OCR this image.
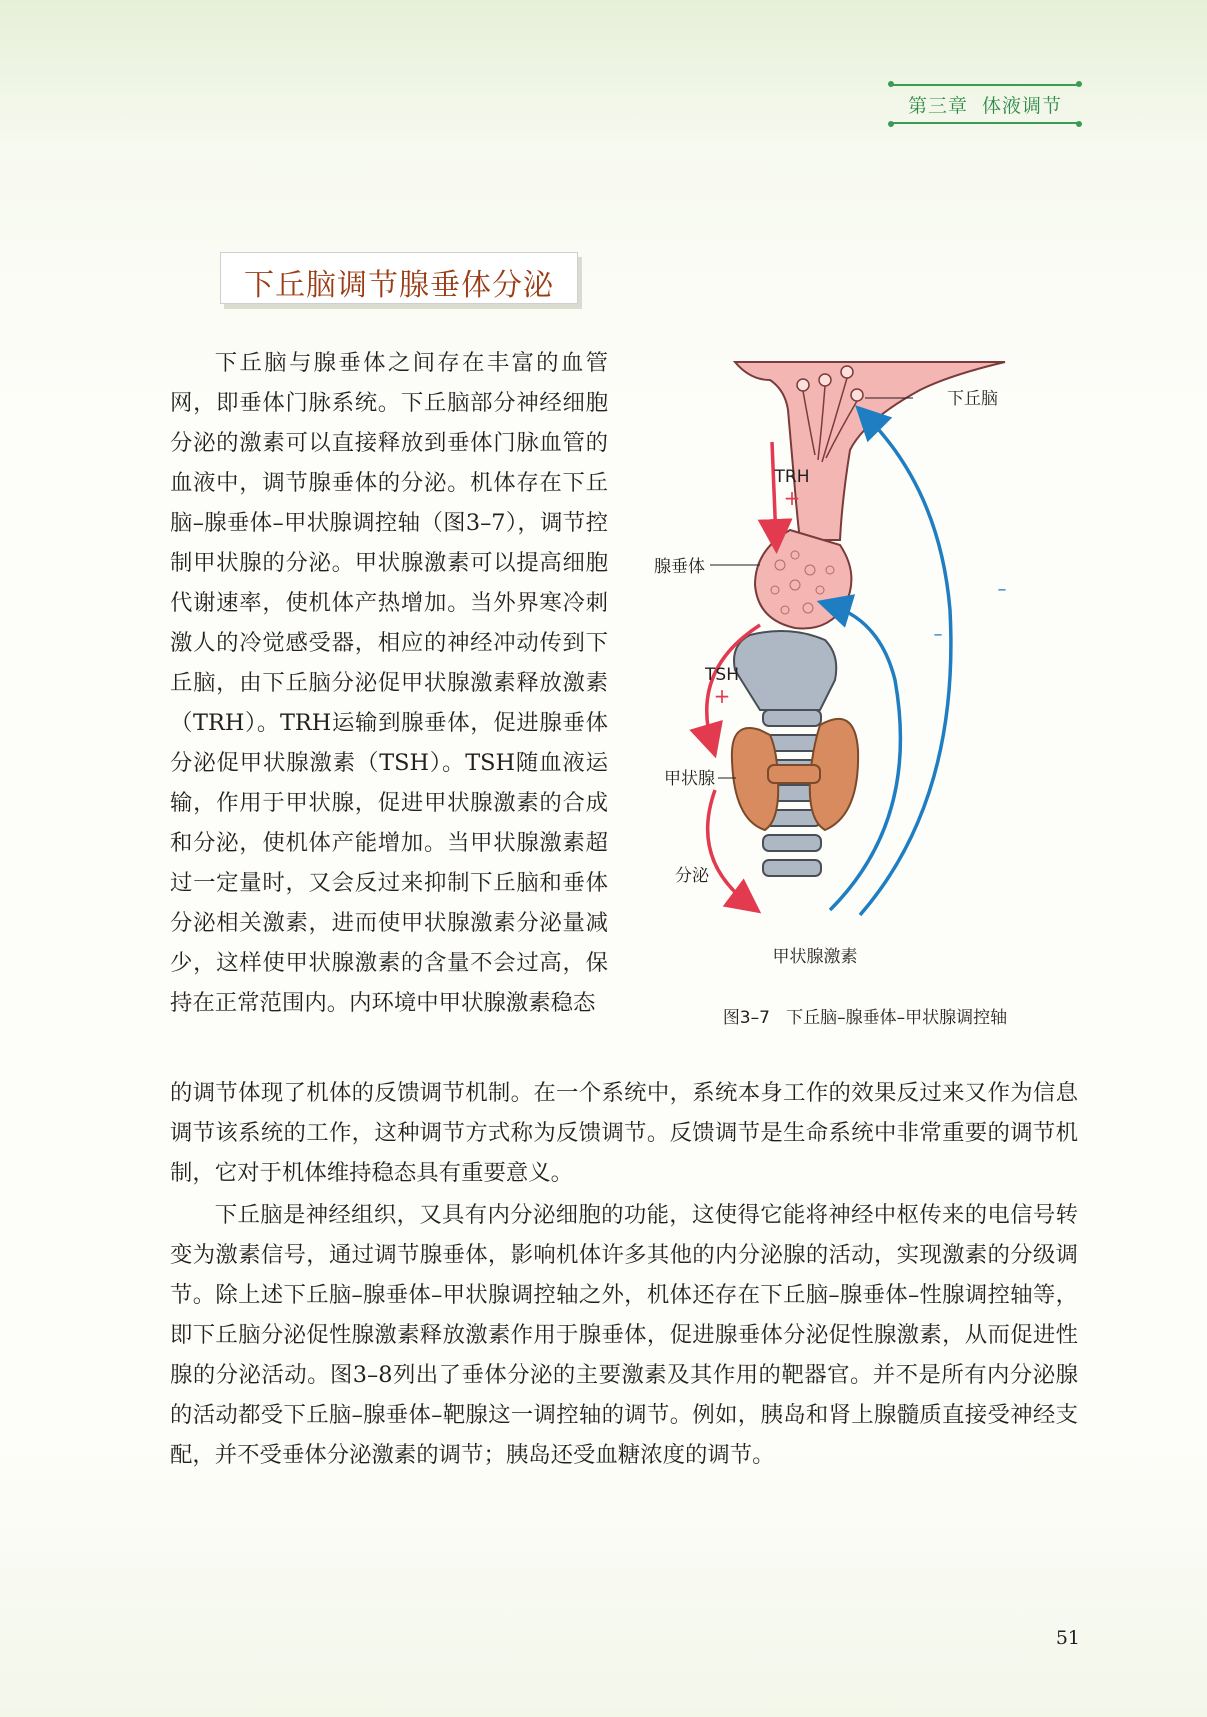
第三章 体液调节
下丘脑调节腺垂体分泌

下丘脑与腺垂体之间存在丰富的血管网，即垂体门脉系统。下丘脑部分神经细胞分泌的激素可以直接释放到垂体门脉血管的血液中，调节腺垂体的分泌。机体存在下丘脑–腺垂体–甲状腺调控轴（图3–7），调节控制甲状腺的分泌。甲状腺激素可以提高细胞代谢速率，使机体产热增加。当外界寒冷刺激人的冷觉感受器，相应的神经冲动传到下丘脑，由下丘脑分泌促甲状腺激素释放激素（TRH）。TRH运输到腺垂体，促进腺垂体分泌促甲状腺激素（TSH）。TSH随血液运输，作用于甲状腺，促进甲状腺激素的合成和分泌，使机体产能增加。当甲状腺激素超过一定量时，又会反过来抑制下丘脑和垂体分泌相关激素，进而使甲状腺激素分泌量减少，这样使甲状腺激素的含量不会过高，保持在正常范围内。内环境中甲状腺激素稳态

的调节体现了机体的反馈调节机制。在一个系统中，系统本身工作的效果反过来又作为信息调节该系统的工作，这种调节方式称为反馈调节。反馈调节是生命系统中非常重要的调节机制，它对于机体维持稳态具有重要意义。

下丘脑是神经组织，又具有内分泌细胞的功能，这使得它能将神经中枢传来的电信号转变为激素信号，通过调节腺垂体，影响机体许多其他的内分泌腺的活动，实现激素的分级调节。除上述下丘脑–腺垂体–甲状腺调控轴之外，机体还存在下丘脑–腺垂体–性腺调控轴等，即下丘脑分泌促性腺激素释放激素作用于腺垂体，促进腺垂体分泌促性腺激素，从而促进性腺的分泌活动。图3–8列出了垂体分泌的主要激素及其作用的靶器官。并不是所有内分泌腺的活动都受下丘脑–腺垂体–靶腺这一调控轴的调节。例如，胰岛和肾上腺髓质直接受神经支配，并不受垂体分泌激素的调节；胰岛还受血糖浓度的调节。

下丘脑
TRH
+
腺垂体
TSH
+
甲状腺
分泌
甲状腺激素
–
–
图3–7 下丘脑–腺垂体–甲状腺调控轴
51
